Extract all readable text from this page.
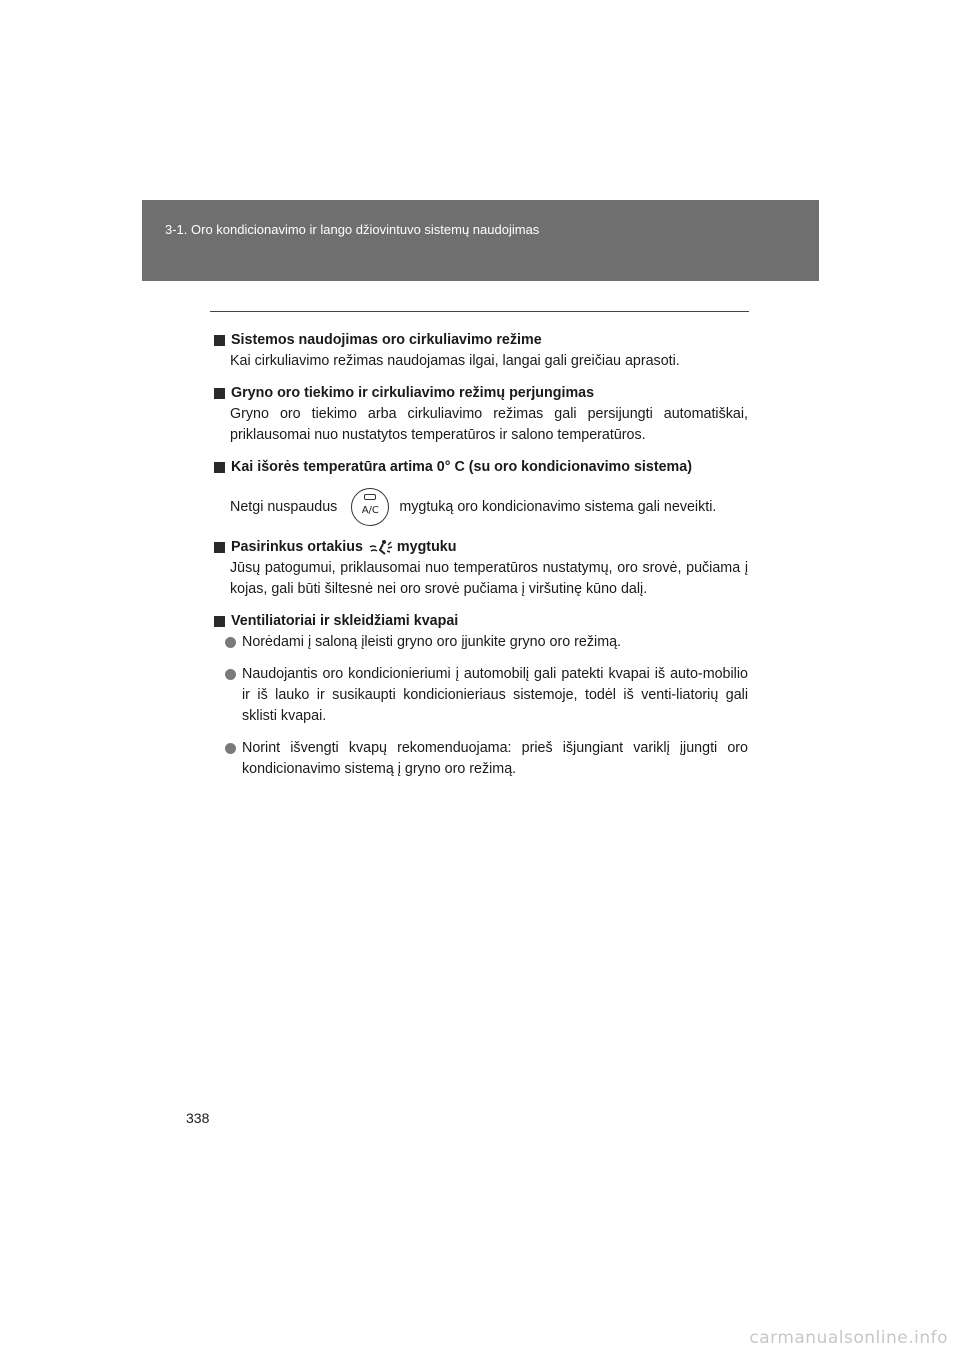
3-1. Oro kondicionavimo ir lango džiovintuvo sistemų naudojimas
Sistemos naudojimas oro cirkuliavimo režime
Kai cirkuliavimo režimas naudojamas ilgai, langai gali greičiau aprasoti.
Gryno oro tiekimo ir cirkuliavimo režimų perjungimas
Gryno oro tiekimo arba cirkuliavimo režimas gali persijungti automatiškai, priklausomai nuo nustatytos temperatūros ir salono temperatūros.
Kai išorės temperatūra artima 0° C (su oro kondicionavimo sistema)
Netgi nuspaudus	A/C	mygtuką oro kondicionavimo sistema gali neveikti.
Pasirinkus ortakius mygtuku
Jūsų patogumui, priklausomai nuo temperatūros nustatymų, oro srovė, pučiama į kojas, gali būti šiltesnė nei oro srovė pučiama į viršutinę kūno dalį.
Ventiliatoriai ir skleidžiami kvapai
Norėdami į saloną įleisti gryno oro įjunkite gryno oro režimą.
Naudojantis oro kondicionieriumi į automobilį gali patekti kvapai iš auto-mobilio ir iš lauko ir susikaupti kondicionieriaus sistemoje, todėl iš venti-liatorių gali sklisti kvapai.
Norint išvengti kvapų rekomenduojama: prieš išjungiant variklį įjungti oro kondicionavimo sistemą į gryno oro režimą.
338
carmanualsonline.info
